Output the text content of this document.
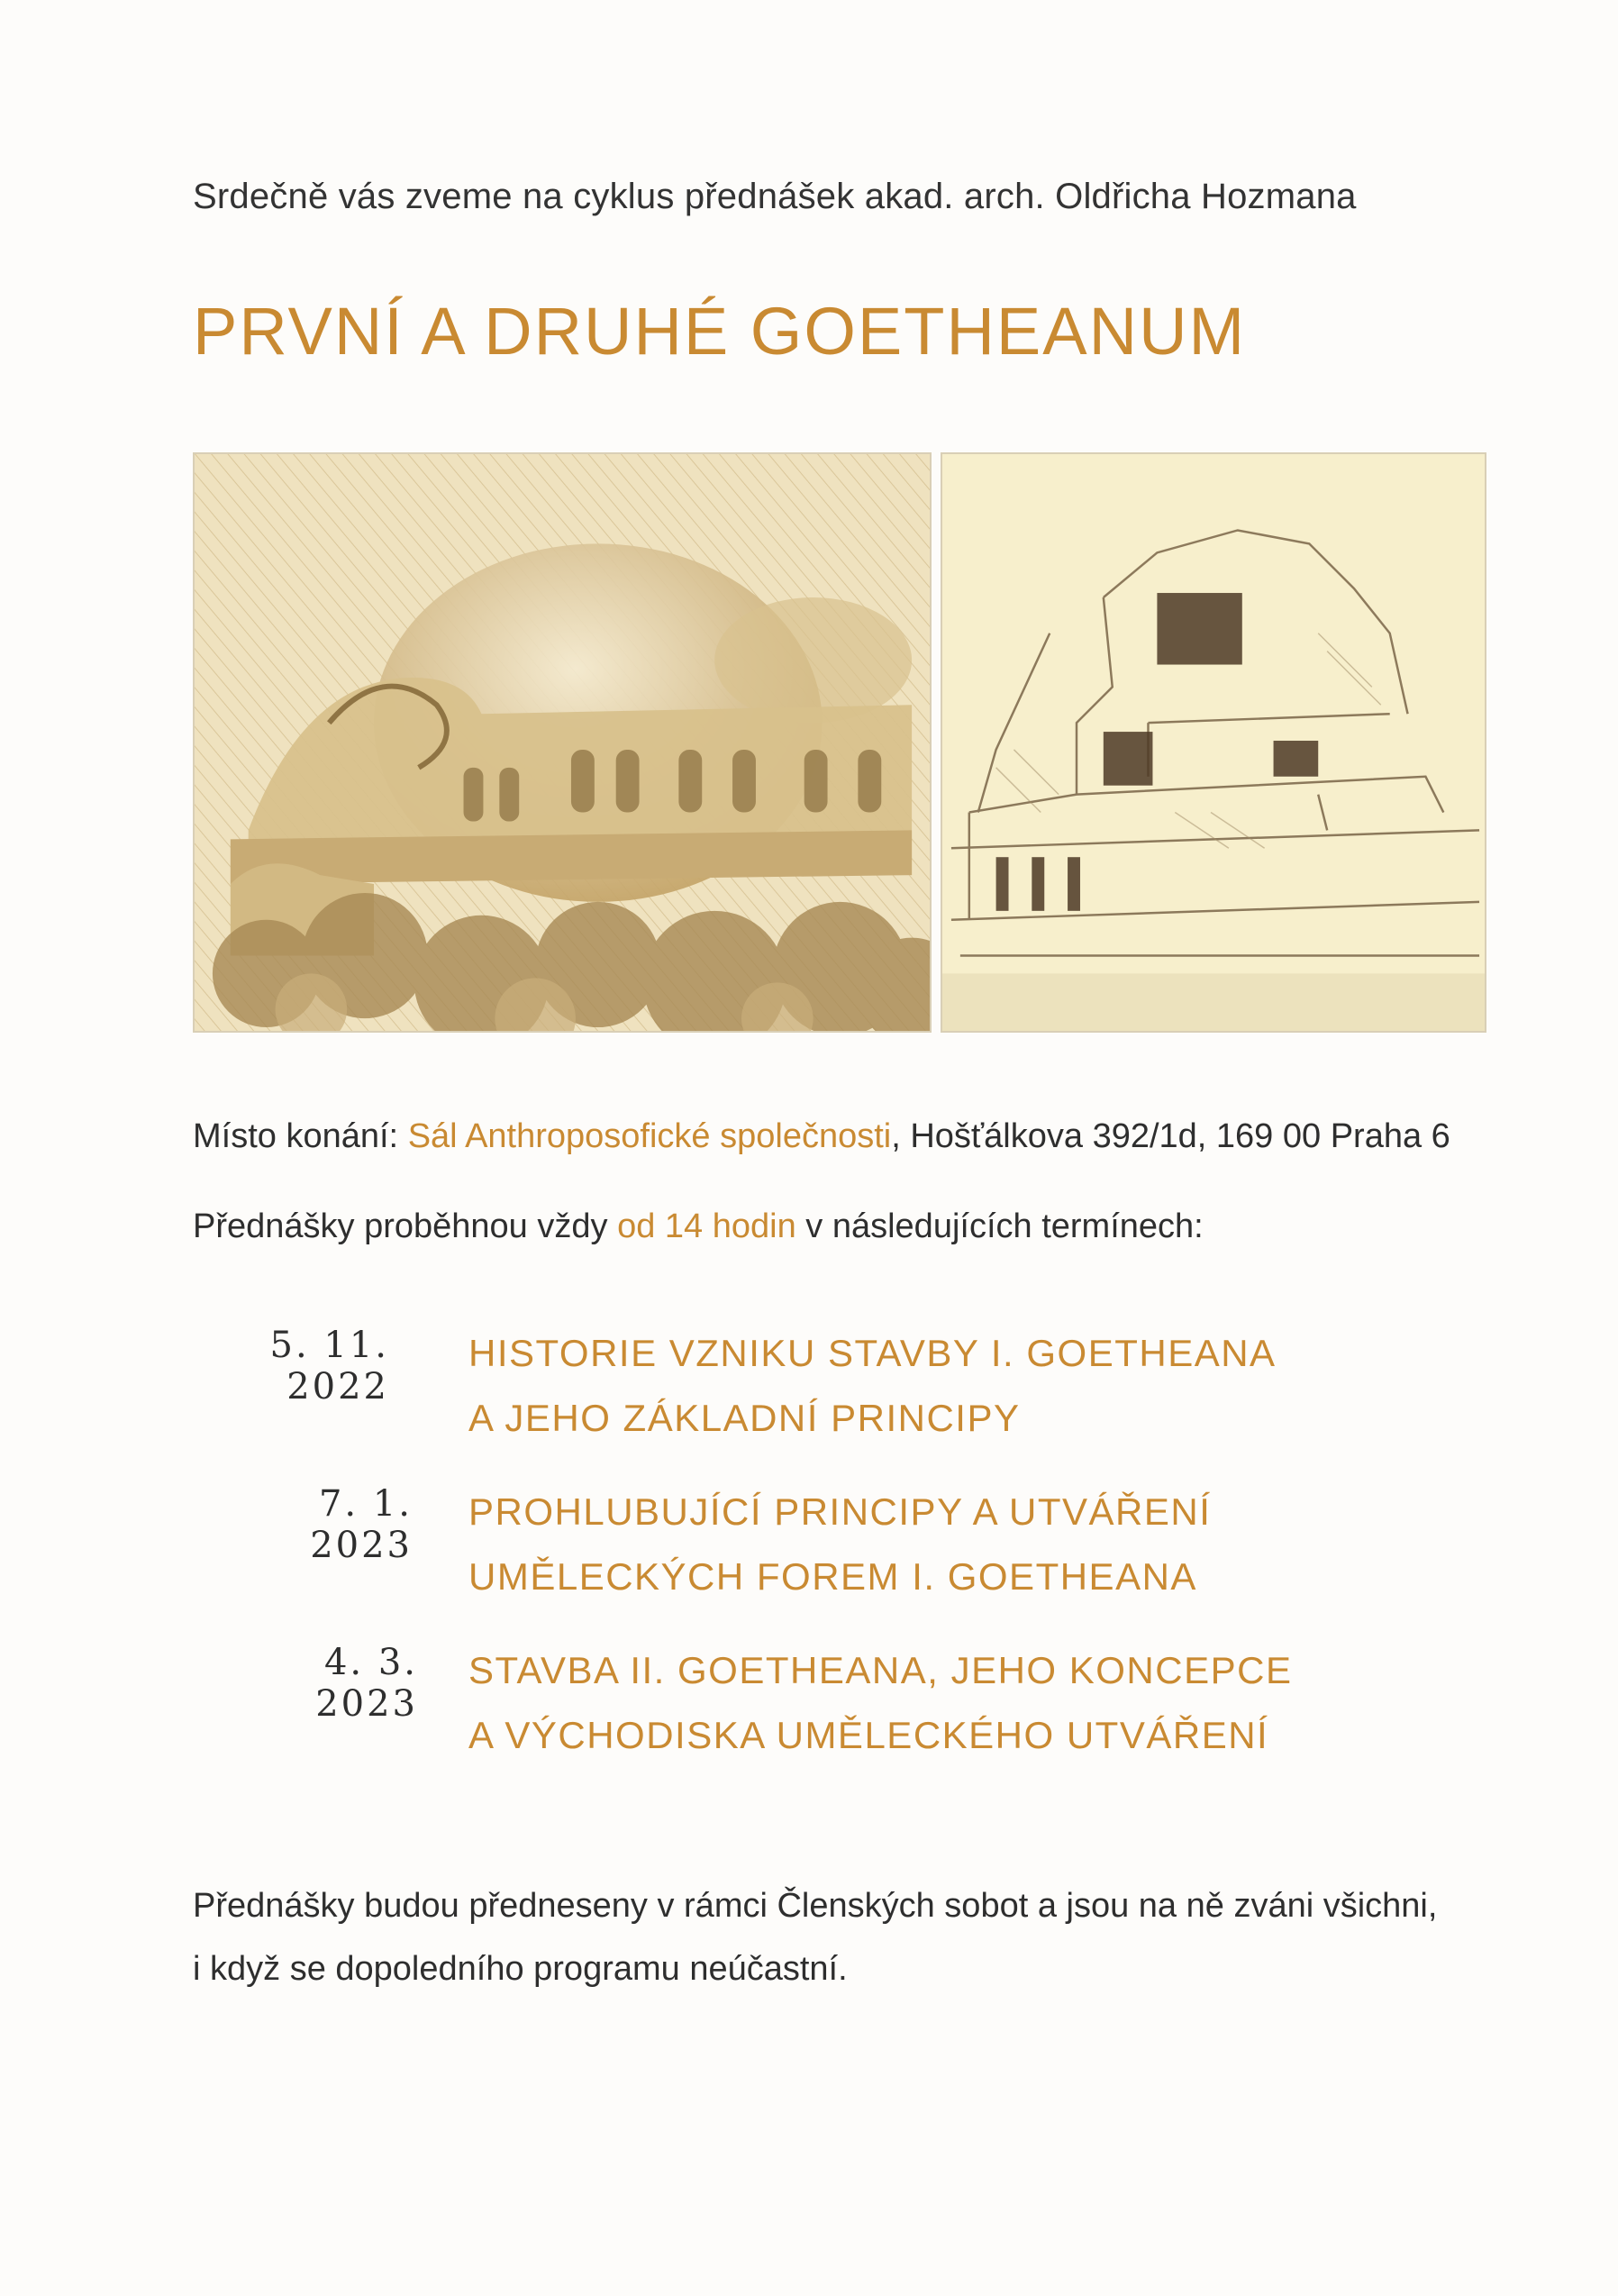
Srdečně vás zveme na cyklus přednášek akad. arch. Oldřicha Hozmana
PRVNÍ A DRUHÉ GOETHEANUM
Místo konání: Sál Anthroposofické společnosti, Hošťálkova 392/1d, 169 00 Praha 6
Přednášky proběhnou vždy od 14 hodin v následujících termínech:
5. 11. 2022
HISTORIE VZNIKU STAVBY I. GOETHEANA
A JEHO ZÁKLADNÍ PRINCIPY
7. 1. 2023
PROHLUBUJÍCÍ PRINCIPY A UTVÁŘENÍ
UMĚLECKÝCH FOREM I. GOETHEANA
4. 3. 2023
STAVBA II. GOETHEANA, JEHO KONCEPCE
A VÝCHODISKA UMĚLECKÉHO UTVÁŘENÍ
Přednášky budou předneseny v rámci Členských sobot a jsou na ně zváni všichni,
i když se dopoledního programu neúčastní.
